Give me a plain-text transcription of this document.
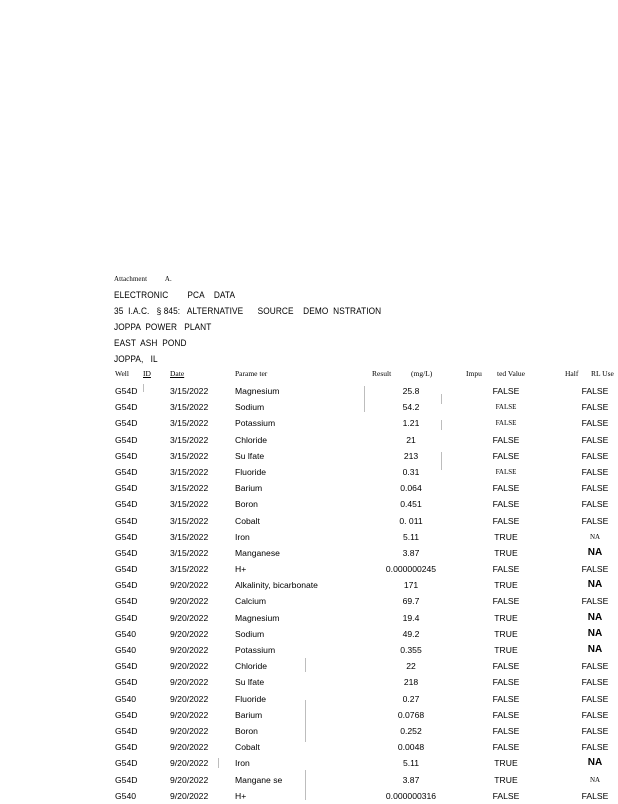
Attachment          A.
ELECTRONIC        PCA    DATA
35  I.A.C.   § 845:   ALTERNATIVE      SOURCE    DEMO  NSTRATION
JOPPA  POWER   PLANT
EAST  ASH  POND
JOPPA,   IL
Well ID	Date	Parame ter	Result	(mg/L)	Impu ted Value	Half RL Use
G54D	3/15/2022	Magnesium	25.8	FALSE	FALSE
G54D	3/15/2022	Sodium	54.2	FALSE	FALSE
G54D	3/15/2022	Potassium	1.21	FALSE	FALSE
G54D	3/15/2022	Chloride	21	FALSE	FALSE
G54D	3/15/2022	Su lfate	213	FALSE	FALSE
G54D	3/15/2022	Fluoride	0.31	FALSE	FALSE
G54D	3/15/2022	Barium	0.064	FALSE	FALSE
G54D	3/15/2022	Boron	0.451	FALSE	FALSE
G54D	3/15/2022	Cobalt	0. 011	FALSE	FALSE
G54D	3/15/2022	Iron	5.11	TRUE	NA
G54D	3/15/2022	Manganese	3.87	TRUE	NA
G54D	3/15/2022	H+	0.000000245	FALSE	FALSE
G54D	9/20/2022	Alkalinity, bicarbonate	171	TRUE	NA
G54D	9/20/2022	Calcium	69.7	FALSE	FALSE
G54D	9/20/2022	Magnesium	19.4	TRUE	NA
G540	9/20/2022	Sodium	49.2	TRUE	NA
G540	9/20/2022	Potassium	0.355	TRUE	NA
G54D	9/20/2022	Chloride	22	FALSE	FALSE
G54D	9/20/2022	Su lfate	218	FALSE	FALSE
G540	9/20/2022	Fluoride	0.27	FALSE	FALSE
G54D	9/20/2022	Barium	0.0768	FALSE	FALSE
G54D	9/20/2022	Boron	0.252	FALSE	FALSE
G54D	9/20/2022	Cobalt	0.0048	FALSE	FALSE
G54D	9/20/2022	Iron	5.11	TRUE	NA
G54D	9/20/2022	Mangane se	3.87	TRUE	NA
G540	9/20/2022	H+	0.000000316	FALSE	FALSE
